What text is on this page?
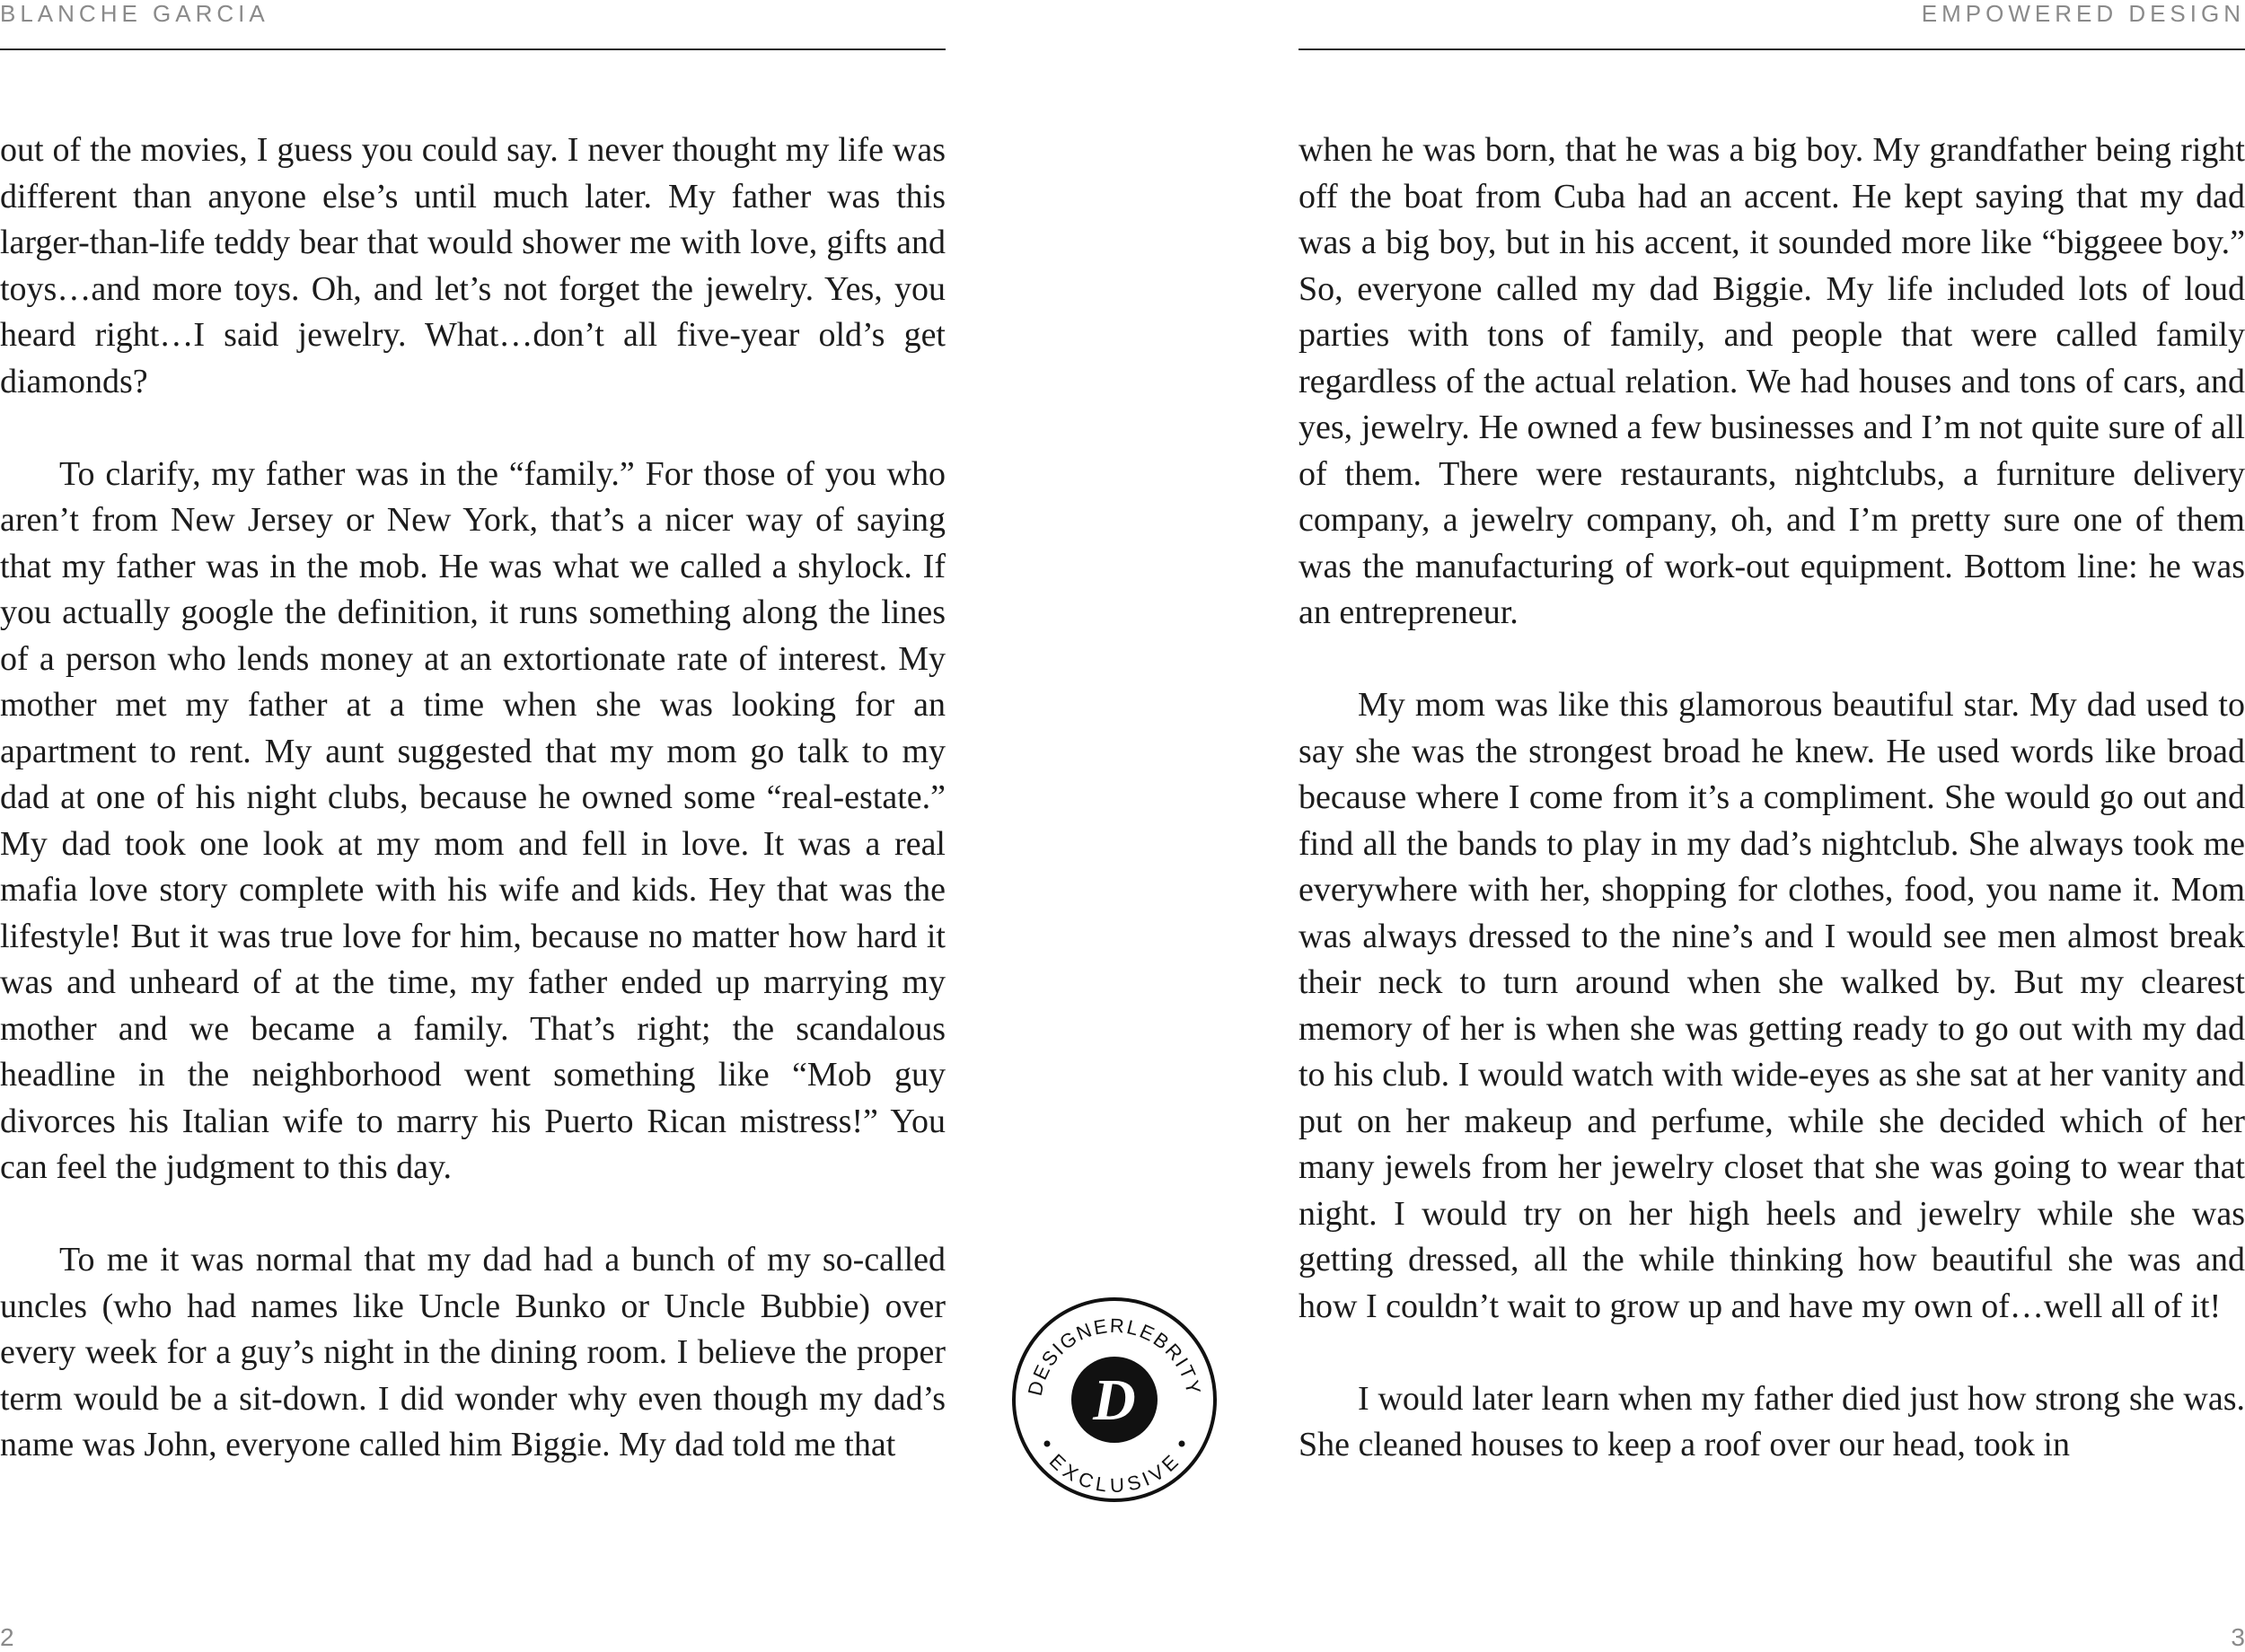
BLANCHE GARCIA

out of the movies, I guess you could say. I never thought my life was different than anyone else’s until much later. My father was this larger-than-life teddy bear that would shower me with love, gifts and toys…and more toys. Oh, and let’s not forget the jewelry. Yes, you heard right…I said jewelry. What…don’t all five-year old’s get diamonds?

To clarify, my father was in the “family.” For those of you who aren’t from New Jersey or New York, that’s a nicer way of saying that my father was in the mob. He was what we called a shylock. If you actually google the definition, it runs something along the lines of a person who lends money at an extortionate rate of interest. My mother met my father at a time when she was looking for an apartment to rent. My aunt suggested that my mom go talk to my dad at one of his night clubs, because he owned some “real-estate.” My dad took one look at my mom and fell in love. It was a real mafia love story complete with his wife and kids. Hey that was the lifestyle! But it was true love for him, because no matter how hard it was and unheard of at the time, my father ended up marrying my mother and we became a family. That’s right; the scandalous headline in the neighborhood went something like “Mob guy divorces his Italian wife to marry his Puerto Rican mistress!” You can feel the judgment to this day.

To me it was normal that my dad had a bunch of my so-called uncles (who had names like Uncle Bunko or Uncle Bubbie) over every week for a guy’s night in the dining room. I believe the proper term would be a sit-down. I did wonder why even though my dad’s name was John, everyone called him Biggie. My dad told me that

2
D
DESIGNERLEBRITY
EXCLUSIVE
EMPOWERED DESIGN

when he was born, that he was a big boy. My grandfather being right off the boat from Cuba had an accent. He kept saying that my dad was a big boy, but in his accent, it sounded more like “biggeee boy.” So, everyone called my dad Biggie. My life included lots of loud parties with tons of family, and people that were called family regardless of the actual relation. We had houses and tons of cars, and yes, jewelry. He owned a few businesses and I’m not quite sure of all of them. There were restaurants, nightclubs, a furniture delivery company, a jewelry company, oh, and I’m pretty sure one of them was the manufacturing of work-out equipment. Bottom line: he was an entrepreneur.

My mom was like this glamorous beautiful star. My dad used to say she was the strongest broad he knew. He used words like broad because where I come from it’s a compliment. She would go out and find all the bands to play in my dad’s nightclub. She always took me everywhere with her, shopping for clothes, food, you name it. Mom was always dressed to the nine’s and I would see men almost break their neck to turn around when she walked by. But my clearest memory of her is when she was getting ready to go out with my dad to his club. I would watch with wide-eyes as she sat at her vanity and put on her makeup and perfume, while she decided which of her many jewels from her jewelry closet that she was going to wear that night. I would try on her high heels and jewelry while she was getting dressed, all the while thinking how beautiful she was and how I couldn’t wait to grow up and have my own of…well all of it!

I would later learn when my father died just how strong she was. She cleaned houses to keep a roof over our head, took in

3
